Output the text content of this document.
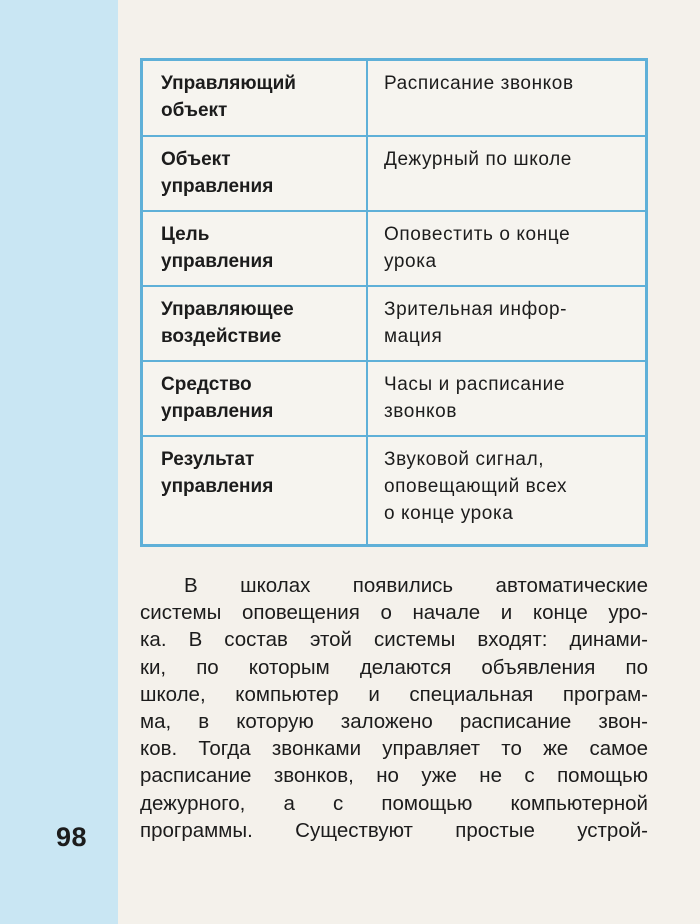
Управляющий
объект	Расписание звонков

Объект
управления	Дежурный по школе

Цель
управления	Оповестить о конце
урока

Управляющее
воздействие	Зрительная инфор-
мация

Средство
управления	Часы и расписание
звонков

Результат
управления	Звуковой сигнал,
оповещающий всех
о конце урока
В школах появились автоматические
системы оповещения о начале и конце уро-
ка. В состав этой системы входят: динами-
ки, по которым делаются объявления по
школе, компьютер и специальная програм-
ма, в которую заложено расписание звон-
ков. Тогда звонками управляет то же самое
расписание звонков, но уже не с помощью
дежурного, а с помощью компьютерной
программы. Существуют простые устрой-
98
